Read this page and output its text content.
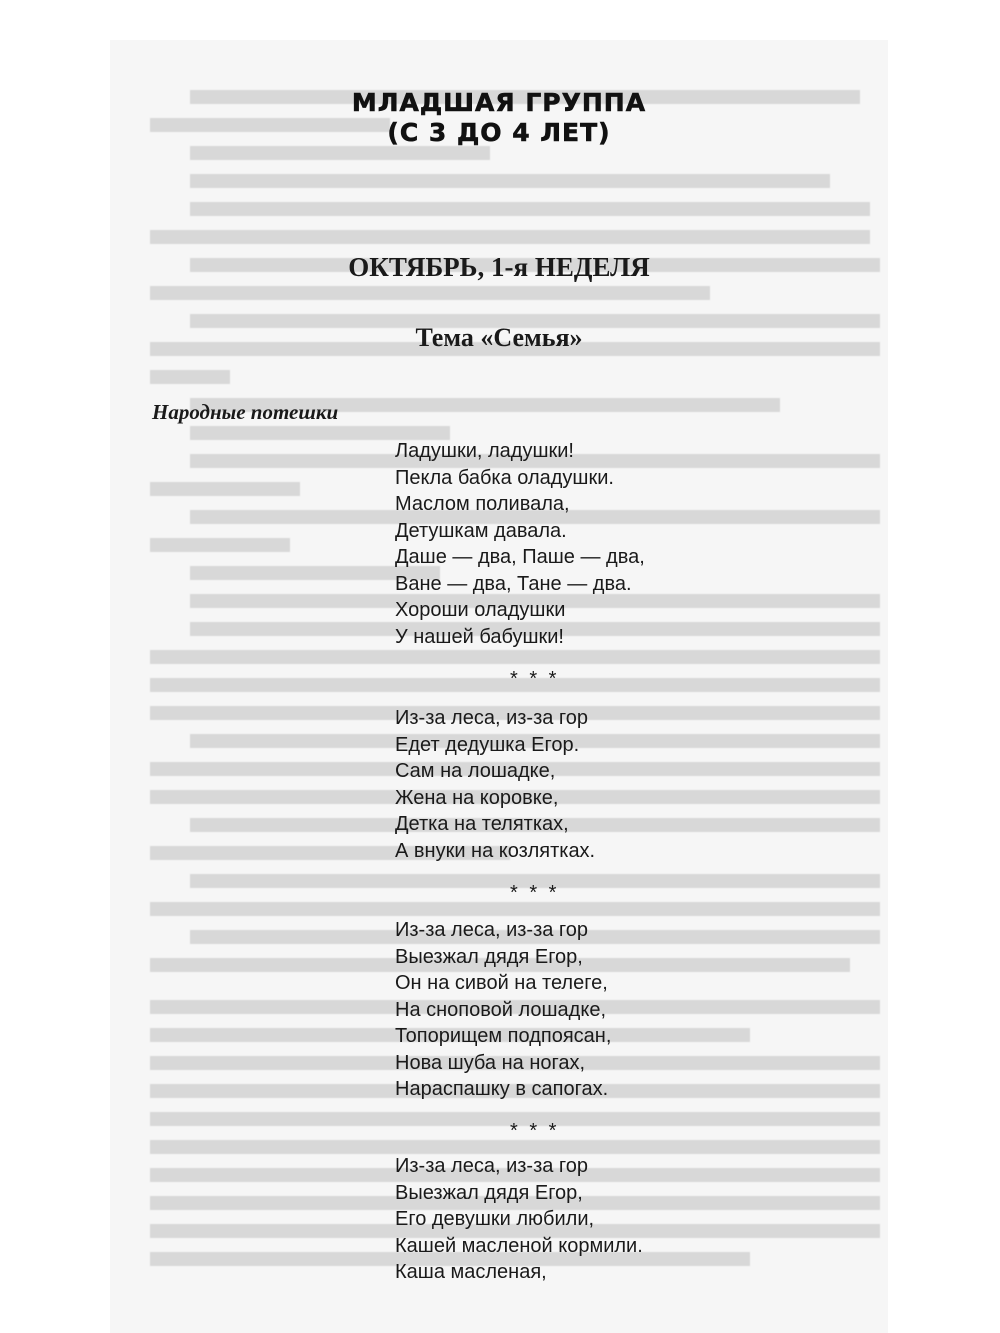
МЛАДШАЯ ГРУППА
(С 3 ДО 4 ЛЕТ)
ОКТЯБРЬ, 1-я НЕДЕЛЯ
Тема «Семья»
Народные потешки
Ладушки, ладушки!
Пекла бабка оладушки.
Маслом поливала,
Детушкам давала.
Даше — два, Паше — два,
Ване — два, Тане — два.
Хороши оладушки
У нашей бабушки!
* * *
Из-за леса, из-за гор
Едет дедушка Егор.
Сам на лошадке,
Жена на коровке,
Детка на телятках,
А внуки на козлятках.
* * *
Из-за леса, из-за гор
Выезжал дядя Егор,
Он на сивой на телеге,
На сноповой лошадке,
Топорищем подпоясан,
Нова шуба на ногах,
Нараспашку в сапогах.
* * *
Из-за леса, из-за гор
Выезжал дядя Егор,
Его девушки любили,
Кашей масленой кормили.
Каша масленая,
